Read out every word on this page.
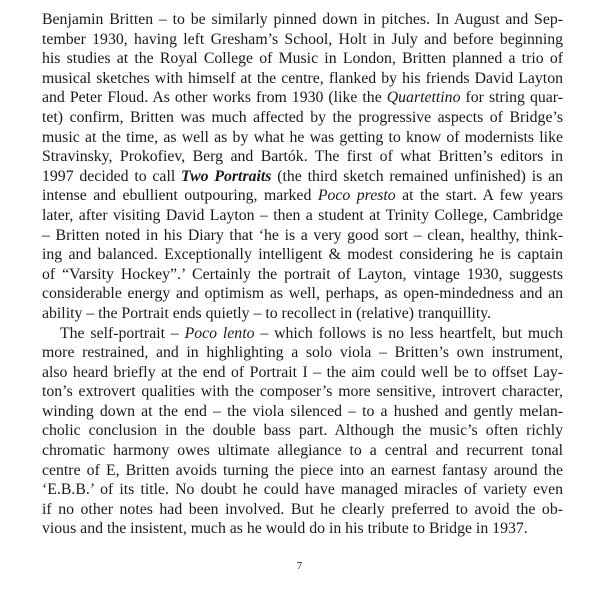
Benjamin Britten – to be similarly pinned down in pitches. In August and Sep-
tember 1930, having left Gresham’s School, Holt in July and before beginning
his studies at the Royal College of Music in London, Britten planned a trio of
musical sketches with himself at the centre, flanked by his friends David Layton
and Peter Floud. As other works from 1930 (like the Quartettino for string quar-
tet) confirm, Britten was much affected by the progressive aspects of Bridge’s
music at the time, as well as by what he was getting to know of modernists like
Stravinsky, Prokofiev, Berg and Bartók. The first of what Britten’s editors in
1997 decided to call Two Portraits (the third sketch remained unfinished) is an
intense and ebullient outpouring, marked Poco presto at the start. A few years
later, after visiting David Layton – then a student at Trinity College, Cambridge
– Britten noted in his Diary that ‘he is a very good sort – clean, healthy, think-
ing and balanced. Exceptionally intelligent & modest considering he is captain
of “Varsity Hockey”.’ Certainly the portrait of Layton, vintage 1930, suggests
considerable energy and optimism as well, perhaps, as open-mindedness and an
ability – the Portrait ends quietly – to recollect in (relative) tranquillity.
The self-portrait – Poco lento – which follows is no less heartfelt, but much
more restrained, and in highlighting a solo viola – Britten’s own instrument,
also heard briefly at the end of Portrait I – the aim could well be to offset Lay-
ton’s extrovert qualities with the composer’s more sensitive, introvert character,
winding down at the end – the viola silenced – to a hushed and gently melan-
cholic conclusion in the double bass part. Although the music’s often richly
chromatic harmony owes ultimate allegiance to a central and recurrent tonal
centre of E, Britten avoids turning the piece into an earnest fantasy around the
‘E.B.B.’ of its title. No doubt he could have managed miracles of variety even
if no other notes had been involved. But he clearly preferred to avoid the ob-
vious and the insistent, much as he would do in his tribute to Bridge in 1937.
7
